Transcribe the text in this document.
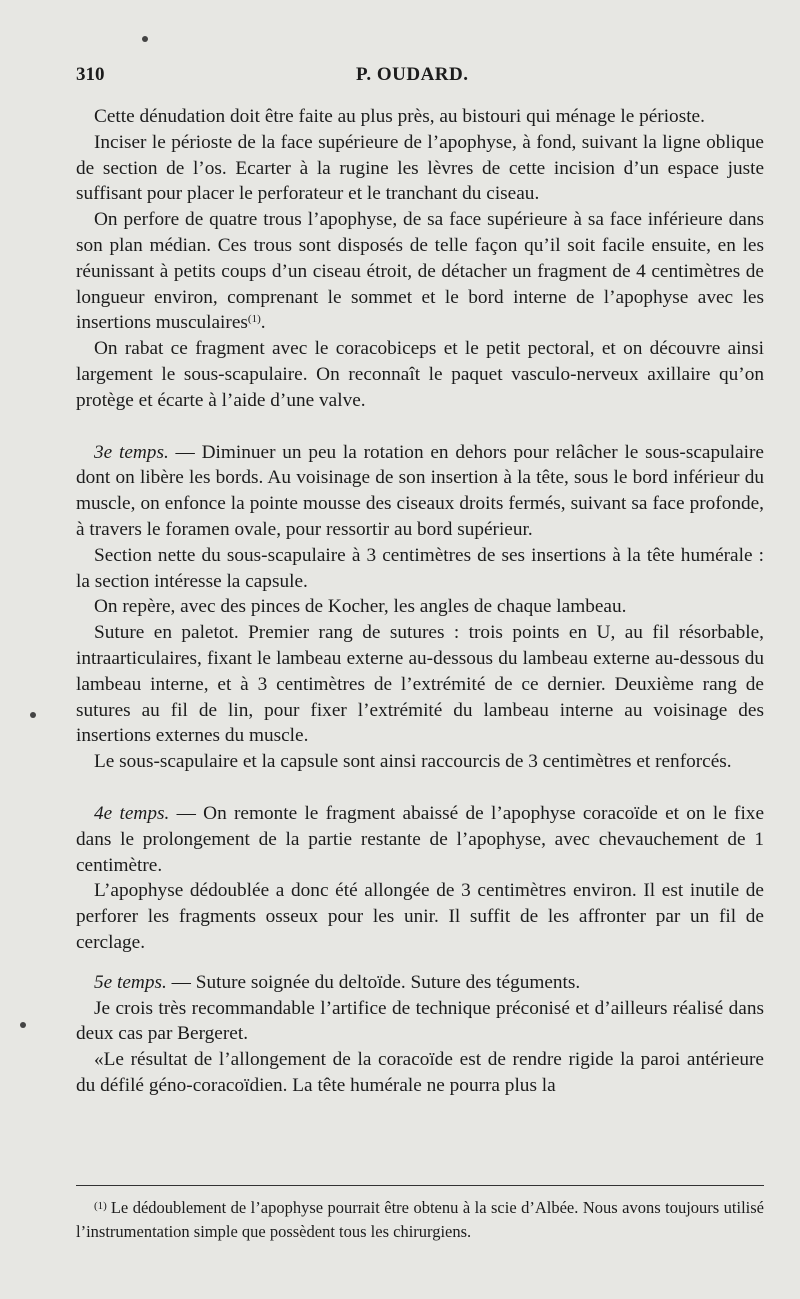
310	P. OUDARD.

Cette dénudation doit être faite au plus près, au bistouri qui ménage le périoste.

Inciser le périoste de la face supérieure de l’apophyse, à fond, suivant la ligne oblique de section de l’os. Ecarter à la rugine les lèvres de cette incision d’un espace juste suffisant pour placer le perforateur et le tranchant du ciseau.

On perfore de quatre trous l’apophyse, de sa face supérieure à sa face inférieure dans son plan médian. Ces trous sont disposés de telle façon qu’il soit facile ensuite, en les réunissant à petits coups d’un ciseau étroit, de détacher un fragment de 4 centimètres de longueur environ, comprenant le sommet et le bord interne de l’apophyse avec les insertions musculaires$^{(1)}$.

On rabat ce fragment avec le coracobiceps et le petit pectoral, et on découvre ainsi largement le sous-scapulaire. On reconnaît le paquet vasculo-nerveux axillaire qu’on protège et écarte à l’aide d’une valve.

3e temps. — Diminuer un peu la rotation en dehors pour relâcher le sous-scapulaire dont on libère les bords. Au voisinage de son insertion à la tête, sous le bord inférieur du muscle, on enfonce la pointe mousse des ciseaux droits fermés, suivant sa face profonde, à travers le foramen ovale, pour ressortir au bord supérieur.

Section nette du sous-scapulaire à 3 centimètres de ses insertions à la tête humérale : la section intéresse la capsule.

On repère, avec des pinces de Kocher, les angles de chaque lambeau.

Suture en paletot. Premier rang de sutures : trois points en U, au fil résorbable, intraarticulaires, fixant le lambeau externe au-dessous du lambeau externe au-dessous du lambeau interne, et à 3 centimètres de l’extrémité de ce dernier. Deuxième rang de sutures au fil de lin, pour fixer l’extrémité du lambeau interne au voisinage des insertions externes du muscle.

Le sous-scapulaire et la capsule sont ainsi raccourcis de 3 centimètres et renforcés.

4e temps. — On remonte le fragment abaissé de l’apophyse coracoïde et on le fixe dans le prolongement de la partie restante de l’apophyse, avec chevauchement de 1 centimètre.

L’apophyse dédoublée a donc été allongée de 3 centimètres environ. Il est inutile de perforer les fragments osseux pour les unir. Il suffit de les affronter par un fil de cerclage.

5e temps. — Suture soignée du deltoïde. Suture des téguments.

Je crois très recommandable l’artifice de technique préconisé et d’ailleurs réalisé dans deux cas par Bergeret.

«Le résultat de l’allongement de la coracoïde est de rendre rigide la paroi antérieure du défilé géno-coracoïdien. La tête humérale ne pourra plus la

$^{(1)}$ Le dédoublement de l’apophyse pourrait être obtenu à la scie d’Albée. Nous avons toujours utilisé l’instrumentation simple que possèdent tous les chirurgiens.
